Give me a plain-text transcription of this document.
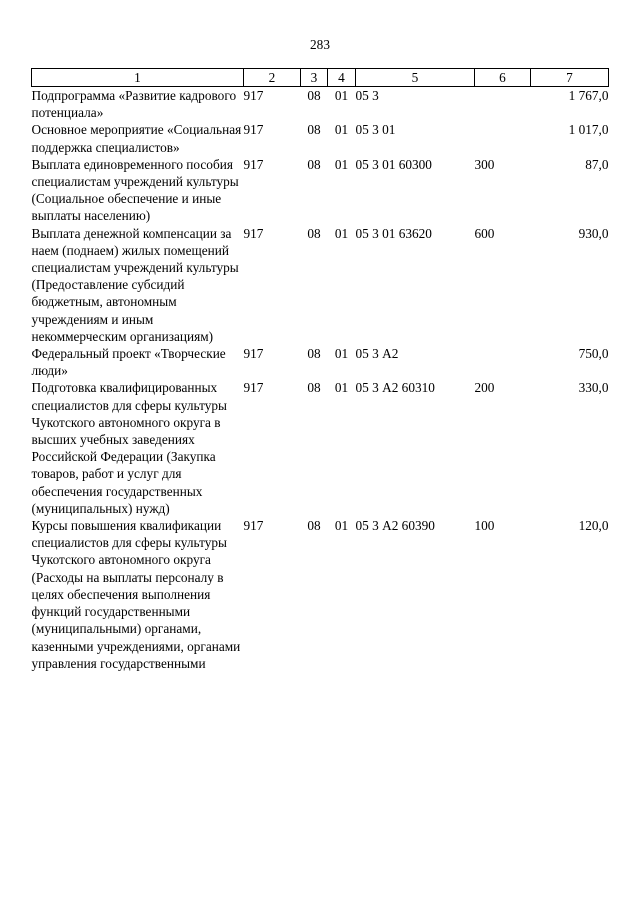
283
1	2	3	4	5	6	7
Подпрограмма «Развитие кадрового потенциала»	917	08	01	05 3		1 767,0
Основное мероприятие «Социальная поддержка специалистов»	917	08	01	05 3 01		1 017,0
Выплата единовременного пособия специалистам учреждений культуры (Социальное обеспечение и иные выплаты населению)	917	08	01	05 3 01 60300	300	87,0
Выплата денежной компенсации за наем (поднаем) жилых помещений специалистам учреждений культуры (Предоставление субсидий бюджетным, автономным учреждениям и иным некоммерческим организациям)	917	08	01	05 3 01 63620	600	930,0
Федеральный проект «Творческие люди»	917	08	01	05 3 А2		750,0
Подготовка квалифицированных специалистов для сферы культуры Чукотского автономного округа в высших учебных заведениях Российской Федерации (Закупка товаров, работ и услуг для обеспечения государственных (муниципальных) нужд)	917	08	01	05 3 А2 60310	200	330,0
Курсы повышения квалификации специалистов для сферы культуры Чукотского автономного округа (Расходы на выплаты персоналу в целях обеспечения выполнения функций государственными (муниципальными) органами, казенными учреждениями, органами управления государственными	917	08	01	05 3 А2 60390	100	120,0
